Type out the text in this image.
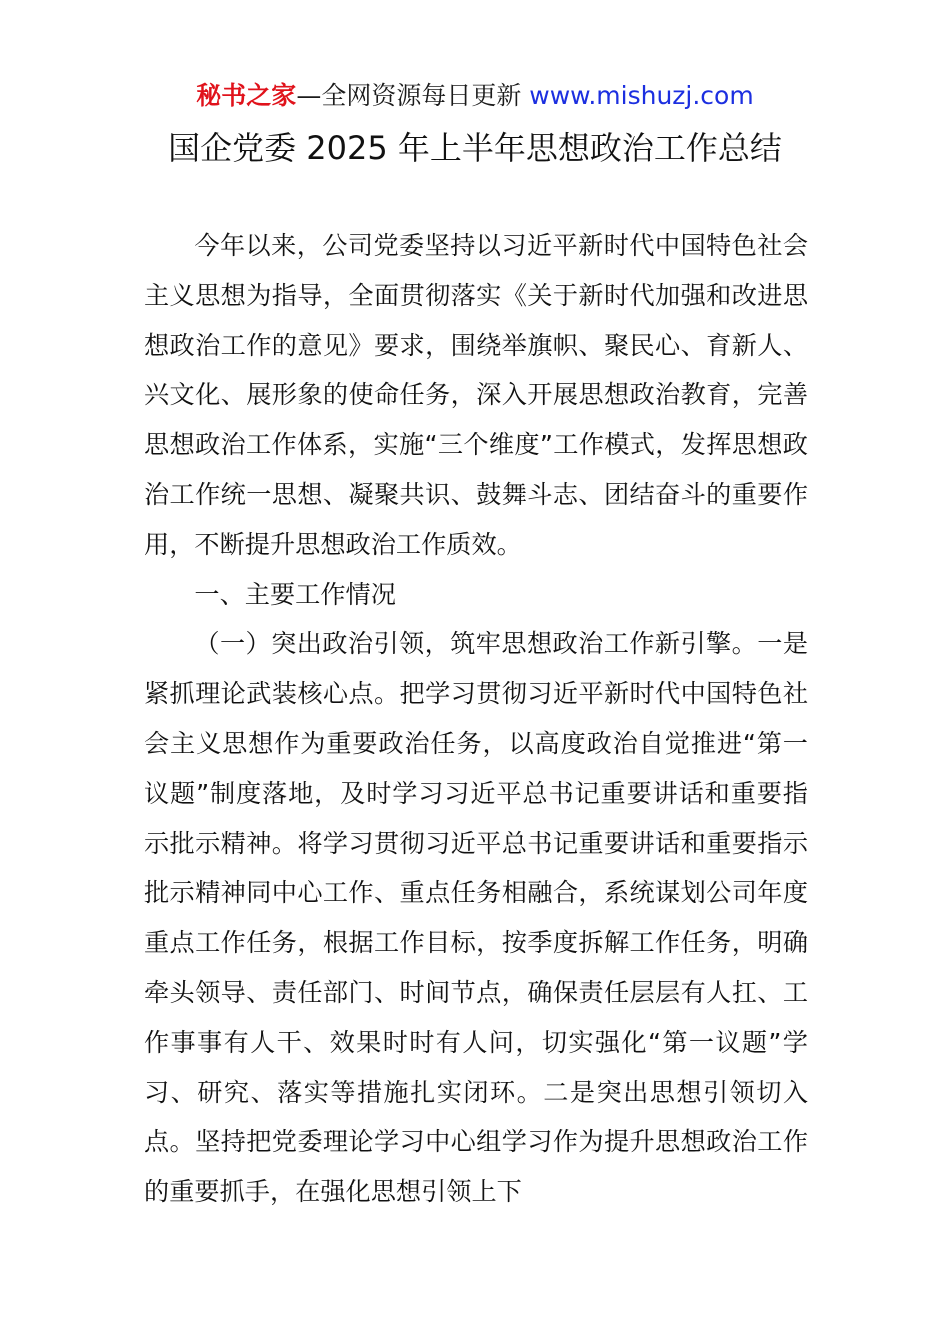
秘书之家—全网资源每日更新 www.mishuzj.com
国企党委 2025 年上半年思想政治工作总结

今年以来，公司党委坚持以习近平新时代中国特色社会主义思想为指导，全面贯彻落实《关于新时代加强和改进思想政治工作的意见》要求，围绕举旗帜、聚民心、育新人、兴文化、展形象的使命任务，深入开展思想政治教育，完善思想政治工作体系，实施“三个维度”工作模式，发挥思想政治工作统一思想、凝聚共识、鼓舞斗志、团结奋斗的重要作用，不断提升思想政治工作质效。

一、主要工作情况

（一）突出政治引领，筑牢思想政治工作新引擎。一是紧抓理论武装核心点。把学习贯彻习近平新时代中国特色社会主义思想作为重要政治任务，以高度政治自觉推进“第一议题”制度落地，及时学习习近平总书记重要讲话和重要指示批示精神。将学习贯彻习近平总书记重要讲话和重要指示批示精神同中心工作、重点任务相融合，系统谋划公司年度重点工作任务，根据工作目标，按季度拆解工作任务，明确牵头领导、责任部门、时间节点，确保责任层层有人扛、工作事事有人干、效果时时有人问，切实强化“第一议题”学习、研究、落实等措施扎实闭环。二是突出思想引领切入点。坚持把党委理论学习中心组学习作为提升思想政治工作的重要抓手，在强化思想引领上下
